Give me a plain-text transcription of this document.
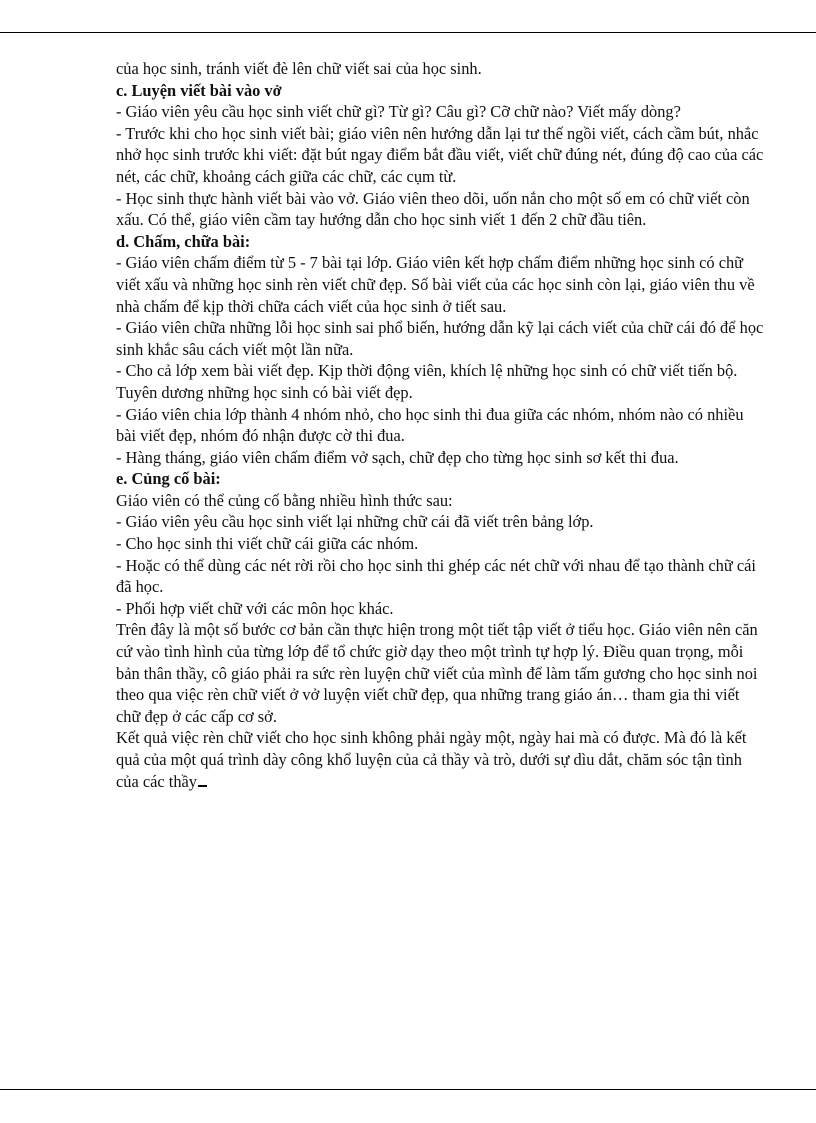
của học sinh, tránh viết đè lên chữ viết sai của học sinh.

c. Luyện viết bài vào vở

- Giáo viên yêu cầu học sinh viết chữ gì? Từ gì? Câu gì? Cỡ chữ nào? Viết mấy dòng?

- Trước khi cho học sinh viết bài; giáo viên nên hướng dẫn lại tư thế ngồi viết, cách cầm bút, nhắc nhở học sinh trước khi viết: đặt bút ngay điểm bắt đầu viết, viết chữ đúng nét, đúng độ cao của các nét, các chữ, khoảng cách giữa các chữ, các cụm từ.

- Học sinh thực hành viết bài vào vở. Giáo viên theo dõi, uốn nắn cho một số em có chữ viết còn xấu. Có thể, giáo viên cầm tay hướng dẫn cho học sinh viết 1 đến 2 chữ đầu tiên.

d. Chấm, chữa bài:

- Giáo viên chấm điểm từ 5 - 7 bài tại lớp. Giáo viên kết hợp chấm điểm những học sinh có chữ viết xấu và những học sinh rèn viết chữ đẹp. Số bài viết của các học sinh còn lại, giáo viên thu về nhà chấm để kịp thời chữa cách viết của học sinh ở tiết sau.

- Giáo viên chữa những lỗi học sinh sai phổ biến, hướng dẫn kỹ lại cách viết của chữ cái đó để học sinh khắc sâu cách viết một lần nữa.

- Cho cả lớp xem bài viết đẹp. Kịp thời động viên, khích lệ những học sinh có chữ viết tiến bộ. Tuyên dương những học sinh có bài viết đẹp.

- Giáo viên chia lớp thành 4 nhóm nhỏ, cho học sinh thi đua giữa các nhóm, nhóm nào có nhiều bài viết đẹp, nhóm đó nhận được cờ thi đua.

- Hàng tháng, giáo viên chấm điểm vở sạch, chữ đẹp cho từng học sinh sơ kết thi đua.

e. Củng cố bài:

Giáo viên có thể củng cố bằng nhiều hình thức sau:

- Giáo viên yêu cầu học sinh viết lại những chữ cái đã viết trên bảng lớp.

- Cho học sinh thi viết chữ cái giữa các nhóm.

- Hoặc có thể dùng các nét rời rồi cho học sinh thi ghép các nét chữ với nhau để tạo thành chữ cái đã học.

- Phối hợp viết chữ với các môn học khác.

Trên đây là một số bước cơ bản cần thực hiện trong một tiết tập viết ở tiểu học. Giáo viên nên căn cứ vào tình hình của từng lớp để tổ chức giờ dạy theo một trình tự hợp lý. Điều quan trọng, mỗi bản thân thầy, cô giáo phải ra sức rèn luyện chữ viết của mình để làm tấm gương cho học sinh noi theo qua việc rèn chữ viết ở vở luyện viết chữ đẹp, qua những trang giáo án… tham gia thi viết chữ đẹp ở các cấp cơ sở.

Kết quả việc rèn chữ viết cho học sinh không phải ngày một, ngày hai mà có được. Mà đó là kết quả của một quá trình dày công khổ luyện của cả thầy và trò, dưới sự dìu dắt, chăm sóc tận tình của các thầy
